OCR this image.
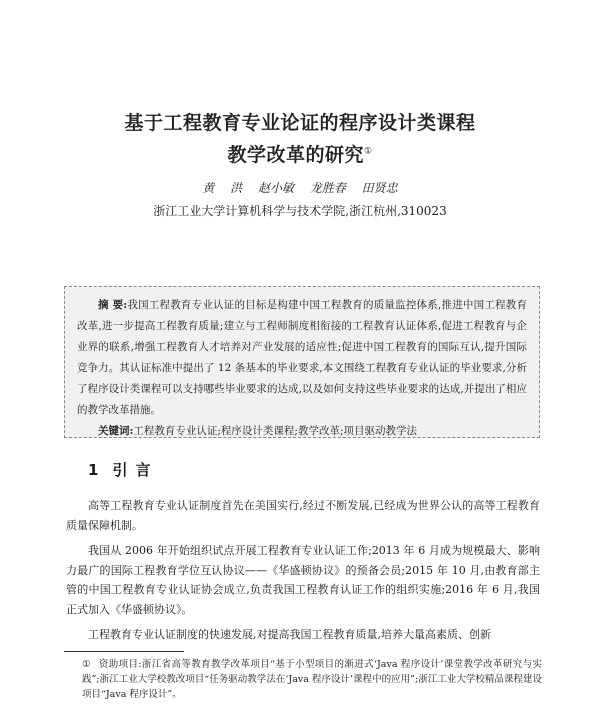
基于工程教育专业论证的程序设计类课程
教学改革的研究①
黄 洪 赵小敏 龙胜春 田贤忠
浙江工业大学计算机科学与技术学院,浙江杭州,310023

摘 要:我国工程教育专业认证的目标是构建中国工程教育的质量监控体系,推进中国工程教育改革,进一步提高工程教育质量;建立与工程师制度相衔接的工程教育认证体系,促进工程教育与企业界的联系,增强工程教育人才培养对产业发展的适应性;促进中国工程教育的国际互认,提升国际竞争力。其认证标准中提出了 12 条基本的毕业要求,本文围绕工程教育专业认证的毕业要求,分析了程序设计类课程可以支持哪些毕业要求的达成,以及如何支持这些毕业要求的达成,并提出了相应的教学改革措施。

关键词:工程教育专业认证;程序设计类课程;教学改革;项目驱动教学法

1 引言

高等工程教育专业认证制度首先在美国实行,经过不断发展,已经成为世界公认的高等工程教育质量保障机制。

我国从 2006 年开始组织试点开展工程教育专业认证工作;2013 年 6 月成为规模最大、影响力最广的国际工程教育学位互认协议——《华盛顿协议》的预备会员;2015 年 10 月,由教育部主管的中国工程教育专业认证协会成立,负责我国工程教育认证工作的组织实施;2016 年 6 月,我国正式加入《华盛顿协议》。

工程教育专业认证制度的快速发展,对提高我国工程教育质量,培养大量高素质、创新

① 资助项目:浙江省高等教育教学改革项目“基于小型项目的渐进式‘Java 程序设计’课堂教学改革研究与实践”;浙江工业大学校教改项目“任务驱动教学法在‘Java 程序设计’课程中的应用”;浙江工业大学校精品课程建设项目“Java 程序设计”。
